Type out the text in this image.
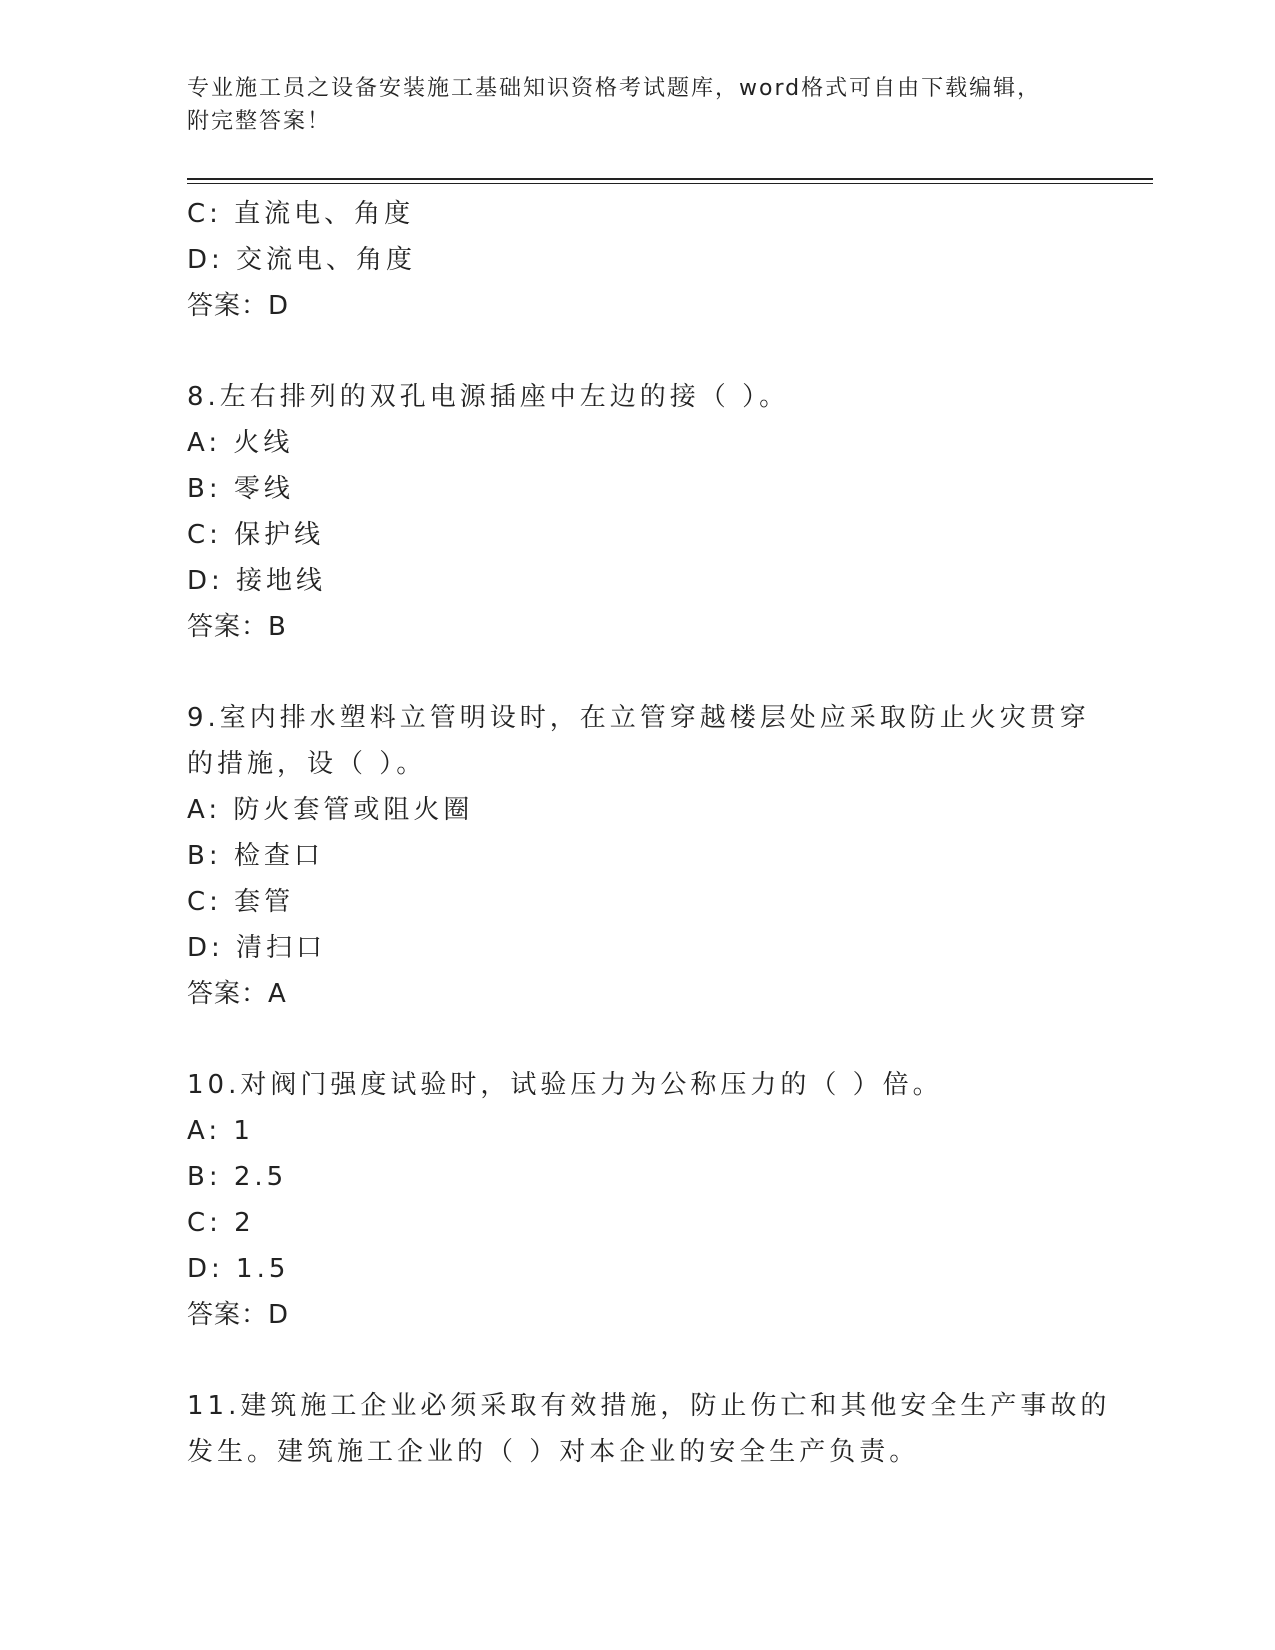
专业施工员之设备安装施工基础知识资格考试题库，word格式可自由下载编辑，
附完整答案！
C: 直流电、角度
D: 交流电、角度
答案：D
8.左右排列的双孔电源插座中左边的接（ ）。
A: 火线
B: 零线
C: 保护线
D: 接地线
答案：B
9.室内排水塑料立管明设时，在立管穿越楼层处应采取防止火灾贯穿
的措施，设（ ）。
A: 防火套管或阻火圈
B: 检查口
C: 套管
D: 清扫口
答案：A
10.对阀门强度试验时，试验压力为公称压力的（ ）倍。
A: 1
B: 2.5
C: 2
D: 1.5
答案：D
11.建筑施工企业必须采取有效措施，防止伤亡和其他安全生产事故的
发生。建筑施工企业的（ ）对本企业的安全生产负责。
